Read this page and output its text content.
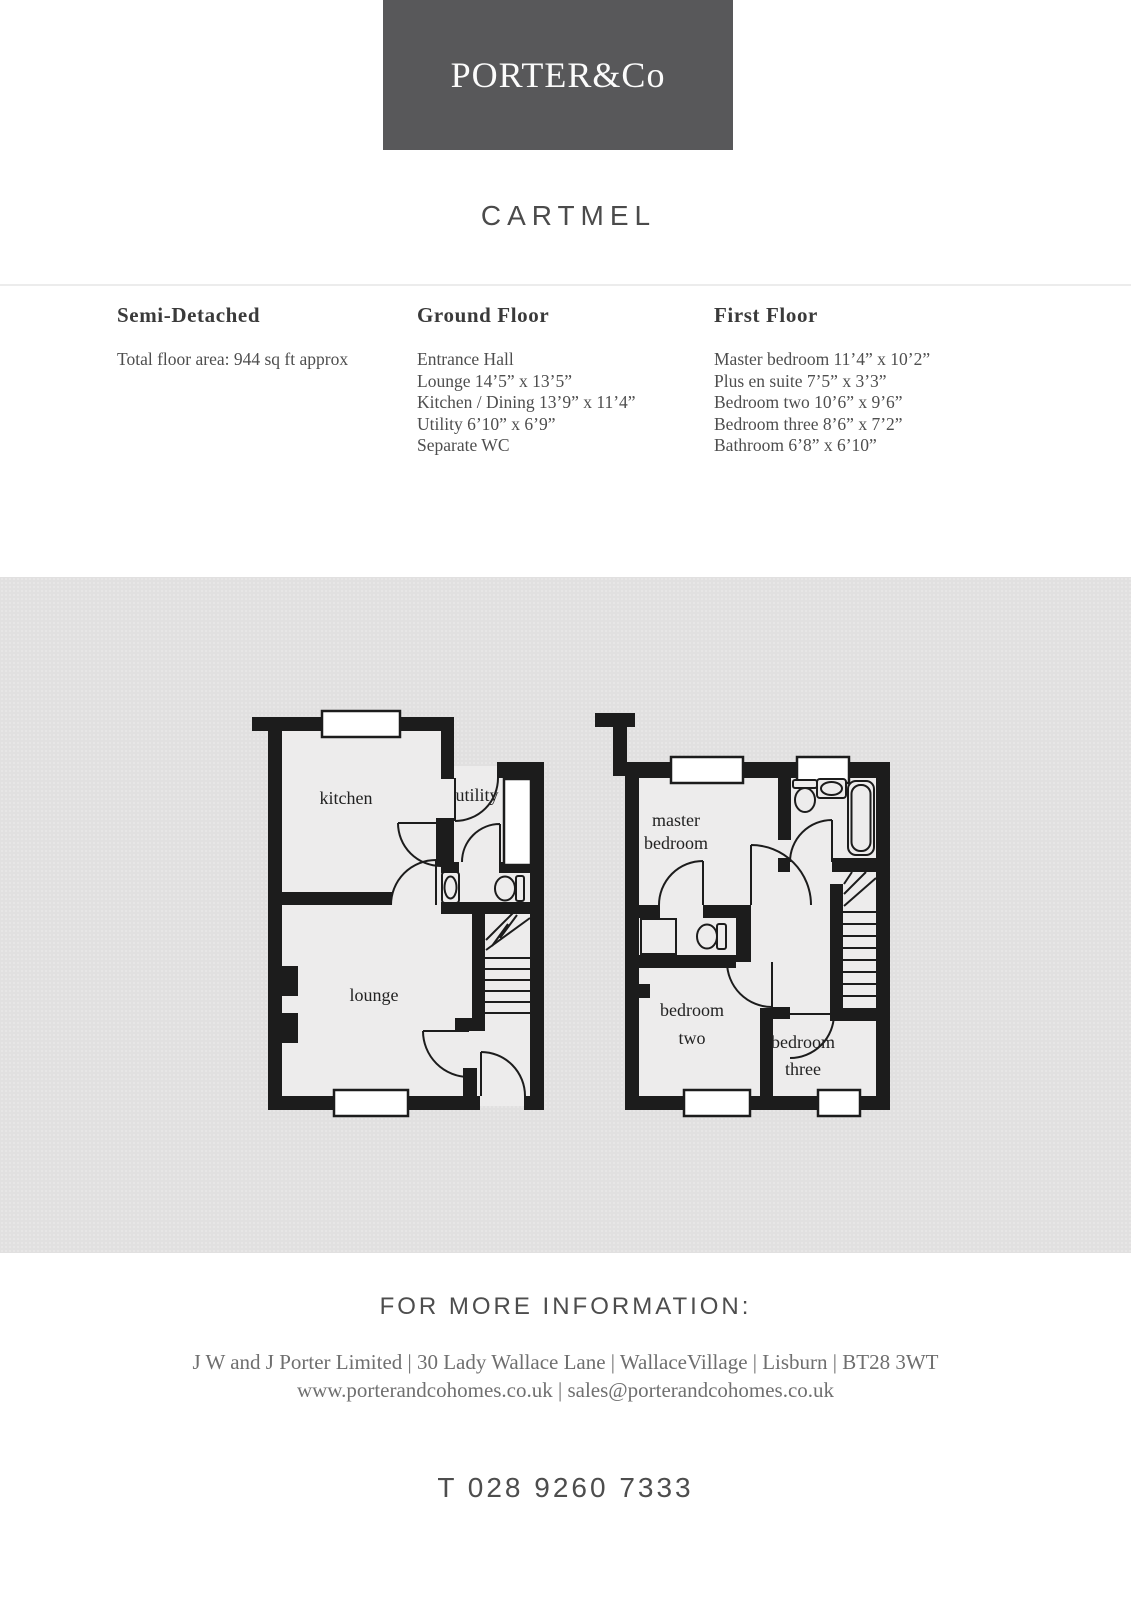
PORTER&Co
CARTMEL
Semi-Detached
Total floor area: 944 sq ft approx
Ground Floor
Entrance Hall
Lounge 14’5” x 13’5”
Kitchen / Dining 13’9” x 11’4”
Utility 6’10” x 6’9”
Separate WC
First Floor
Master bedroom 11’4” x 10’2”
Plus en suite 7’5” x 3’3”
Bedroom two 10’6” x 9’6”
Bedroom three 8’6” x 7’2”
Bathroom 6’8” x 6’10”
kitchen	utility
lounge
master
bedroom
bedroom
two	bedroom
three
FOR MORE INFORMATION:
J W and J Porter Limited | 30 Lady Wallace Lane | WallaceVillage | Lisburn | BT28 3WT
www.porterandcohomes.co.uk | sales@porterandcohomes.co.uk
T 028 9260 7333
